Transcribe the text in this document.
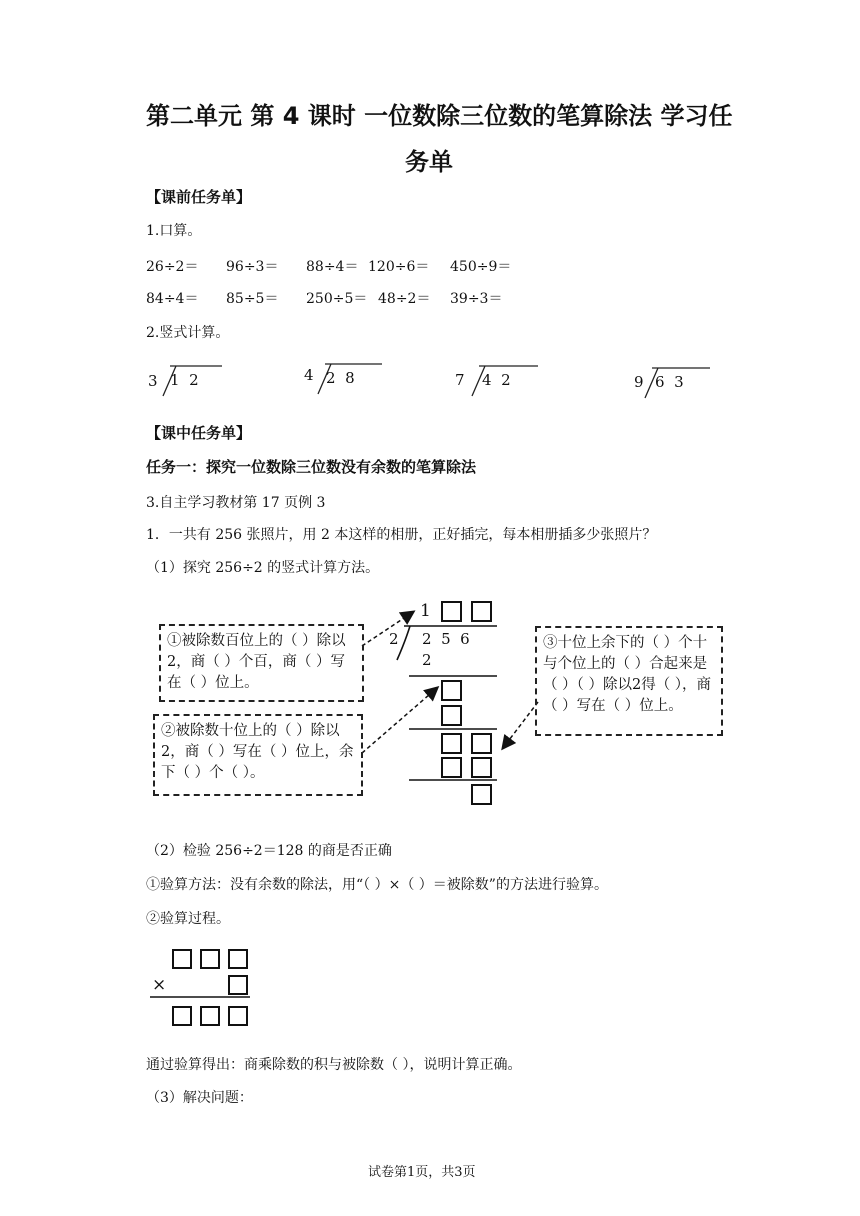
第二单元 第 4 课时 一位数除三位数的笔算除法 学习任
务单
【课前任务单】
1.口算。
26÷2＝ 96÷3＝ 88÷4＝ 120÷6＝ 450÷9＝
84÷4＝ 85÷5＝ 250÷5＝ 48÷2＝ 39÷3＝
2.竖式计算。
3 1  2	4 2  8	7 4  2	9 6  3
【课中任务单】
任务一：探究一位数除三位数没有余数的笔算除法
3.自主学习教材第 17 页例 3
1．一共有 256 张照片，用 2 本这样的相册，正好插完，每本相册插多少张照片？
（1）探究 256÷2 的竖式计算方法。
1
2 2  5  6
2
①被除数百位上的（ ）除以2，商（ ）个百，商（ ）写在（ ）位上。
②被除数十位上的（ ）除以2，商（ ）写在（ ）位上，余下（ ）个（ ）。
③十位上余下的（ ）个十与个位上的（ ）合起来是（ ）（ ）除以2得（ ），商（ ）写在（ ）位上。
（2）检验 256÷2＝128 的商是否正确
①验算方法：没有余数的除法，用“（ ）×（ ）＝被除数”的方法进行验算。
②验算过程。
×
通过验算得出：商乘除数的积与被除数（ ），说明计算正确。
（3）解决问题：
试卷第1页，共3页
